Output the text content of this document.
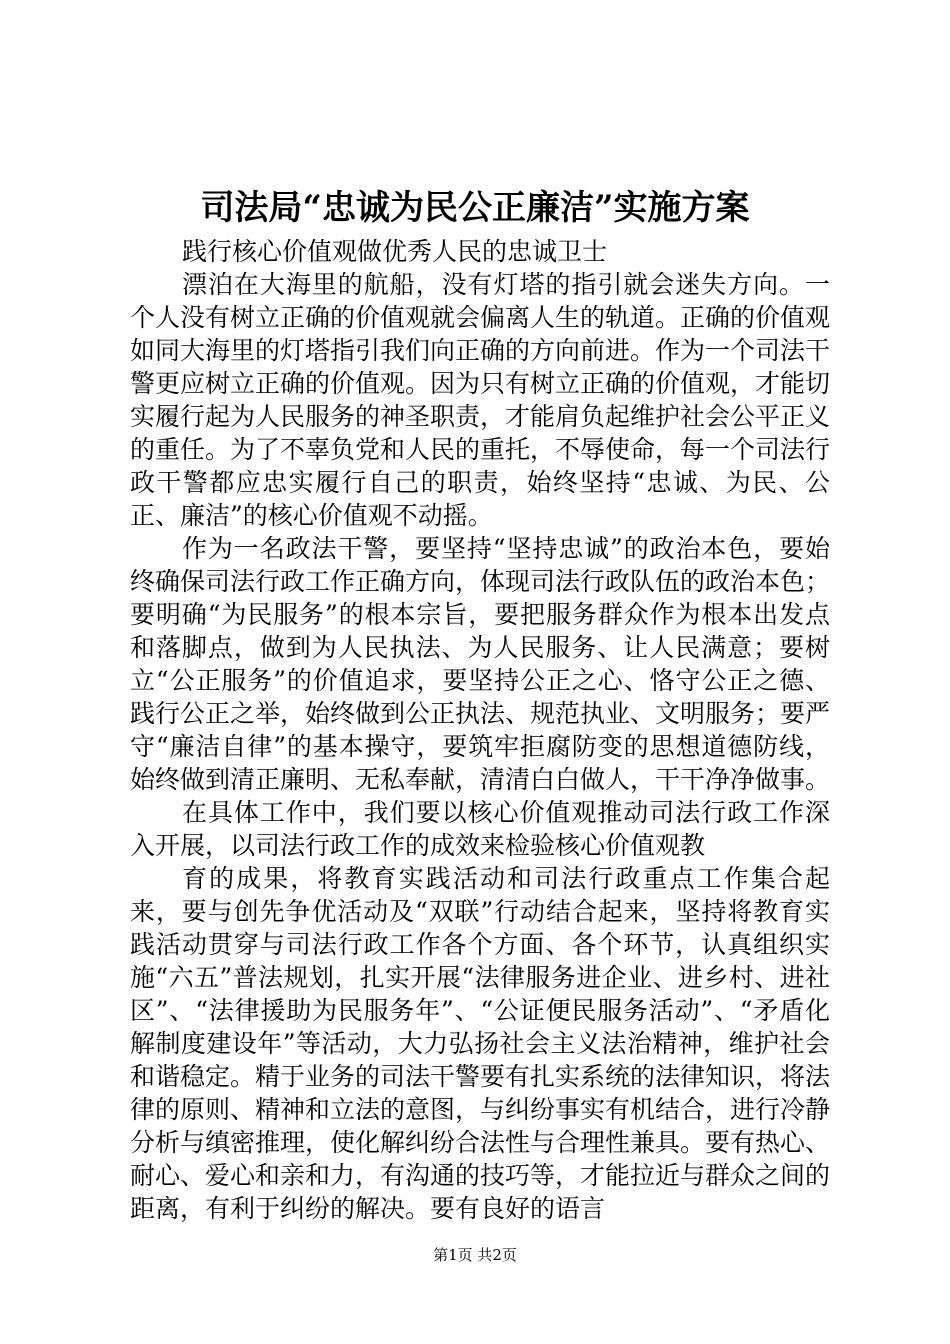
司法局“忠诚为民公正廉洁”实施方案

践行核心价值观做优秀人民的忠诚卫士

漂泊在大海里的航船，没有灯塔的指引就会迷失方向。一个人没有树立正确的价值观就会偏离人生的轨道。正确的价值观如同大海里的灯塔指引我们向正确的方向前进。作为一个司法干警更应树立正确的价值观。因为只有树立正确的价值观，才能切实履行起为人民服务的神圣职责，才能肩负起维护社会公平正义的重任。为了不辜负党和人民的重托，不辱使命，每一个司法行政干警都应忠实履行自己的职责，始终坚持“忠诚、为民、公正、廉洁”的核心价值观不动摇。

作为一名政法干警，要坚持“坚持忠诚”的政治本色，要始终确保司法行政工作正确方向，体现司法行政队伍的政治本色；要明确“为民服务”的根本宗旨，要把服务群众作为根本出发点和落脚点，做到为人民执法、为人民服务、让人民满意；要树立“公正服务”的价值追求，要坚持公正之心、恪守公正之德、践行公正之举，始终做到公正执法、规范执业、文明服务；要严守“廉洁自律”的基本操守，要筑牢拒腐防变的思想道德防线，始终做到清正廉明、无私奉献，清清白白做人，干干净净做事。

在具体工作中，我们要以核心价值观推动司法行政工作深入开展，以司法行政工作的成效来检验核心价值观教

育的成果，将教育实践活动和司法行政重点工作集合起来，要与创先争优活动及“双联”行动结合起来，坚持将教育实践活动贯穿与司法行政工作各个方面、各个环节，认真组织实施“六五”普法规划，扎实开展“法律服务进企业、进乡村、进社区”、“法律援助为民服务年”、“公证便民服务活动”、“矛盾化解制度建设年”等活动，大力弘扬社会主义法治精神，维护社会和谐稳定。精于业务的司法干警要有扎实系统的法律知识，将法律的原则、精神和立法的意图，与纠纷事实有机结合，进行冷静分析与缜密推理，使化解纠纷合法性与合理性兼具。要有热心、耐心、爱心和亲和力，有沟通的技巧等，才能拉近与群众之间的距离，有利于纠纷的解决。要有良好的语言

第1页 共2页
